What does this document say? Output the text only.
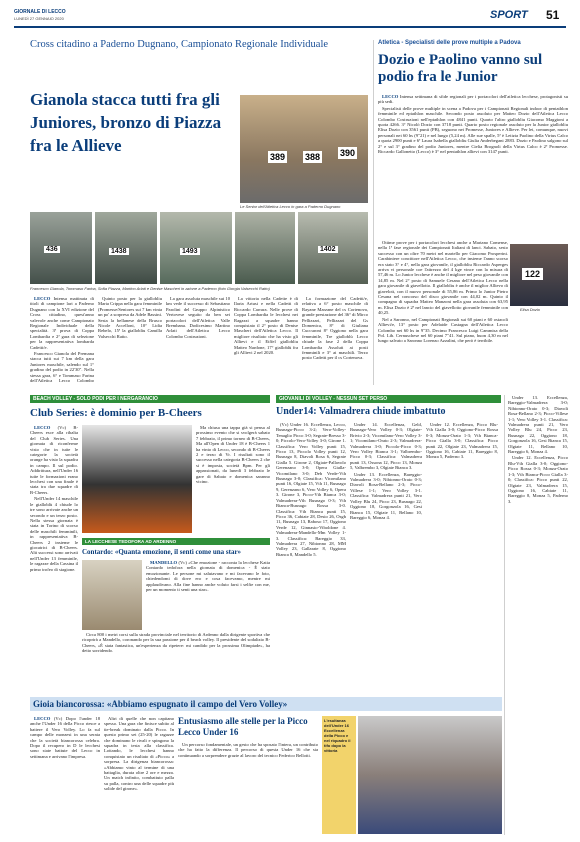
GIORNALE DI LECCO
LUNEDÌ 27 GENNAIO 2020	SPORT 51
Cross citadino a Paderno Dugnano, Campionato Regionale Individuale
Gianola stacca tutti fra gli Juniores, bronzo di Piazza fra le Allieve
389 388 390
Le Senior dell'Atletica Lecco in gara a Paderno Dugnano
436	1438	1493	1402
Francesco Gianola, Tommaso Farina, Sofia Piazza, Martino Arlati e Denise Mascheri in azione a Paderno (foto Giorgia Valsecchi Ratto)

LECCO Intensa mattinata di titoli di campione lari a Paderno Dugnano con la XVI edizione del Cross cittadino, quest'anno valevole anche come Campionato Regionale Individuale della specialità. 3ª prova di Coppa Lombardia e 2ª gara di selezione per la rappresentativa lombarda Cadetti/e.

Francesco Gianola del Premana stacca tutti sui 7 km della gara Juniores maschile, salendo sul 1° gradino del podio in 22'30". Nella stessa gara, 6° e Tommaso Farina dell'Atletica Lecco Colombo

Quinto posto per la giallobliu Marta Crippa nella gara femminile (Promesse/Seniores sui 7 km vinta un po' a sorpresa da Adele Bassini. Sesta la bellanese della Brusco Nicole Accelloni, 10ª Lidia Rebelo, 15ª la giallobliu Camilla Valsecchi Ratto.

La gara assoluta maschile sui 10 km vede il successo di Sebastiano Parolini del Gruppo Alpinistico Vertovese seguito da ben sei portacolori dell'Atletica Valle Brembana. Dodicesimo Martino Arlati dell'Atletica Lecco Colombo Costruzioni.

La vittoria nella Cadette è di Ilaria Artusi e nella Cadetti di Riccardo Carrara. Nelle prove di Coppa Lombardia le lecchesi nei Ragazzi a squadre hanno conquistato il 2° posto di Denise Mascheri dell'Atletica Lecco. Il migliore risultato che ha visto gli Allievi e il Eiffel giallobliu Matteo Nardone, 17° gialloblù fra gli Allievi 2 nel 2020.

La formazione del Cadetti/e, relativa a 6° posto maschile di Rayane Marzane del cs Cortenova, grande prestazione del 36° di Mirco Pellizzari, Pellizzari del Gs Domenica, 8° di Giuliana Cuccuroni 8° Oggiono nella gara femminile, Tre gialloblù Lecco chiude la fase 2 della Coppa Lombardia Assoluti ai posti femminili e 3° ai maschili. Terzo posto Cadetti per il cs Cortenova.

Atletica - Specialisti delle prove multiple a Padova
Dozio e Paolino vanno sul podio fra le Junior

LECCO Intensa settimana di sfide regionali per i portacolori dell'atletica lecchese, protagonisti su più sedi.

Specialisti delle prove multiple in scena a Padova per i Campionati Regionali indoor di pentathlon femminile ed eptathlon maschile. Secondo posto assoluto per Matteo Dozio dell'Atletica Lecco Colombo Costruzioni nell'eptathlon con 4841 punti. Quarto l'altro giallobliu Giacomo Maggioni a quota 4266. 3° Nicolò Dozio con 3718 punti. Quarto posto regionale assoluto per la Junior giallobliu Elisa Dozio con 3561 punti (PB), seguono nei Promesse, Juniores e Allieve. Per lei, comunque, nuovi personali nei 60 hs (9"21) e nel lungo (5,24 m). Alle sue spalle, 5ª è Letizia Paolino della Virtus Calco a quota 2900 punti e 6ª Laura Isabella giallobliu Giulia Anderbegani 2883. Dozio e Paolino salgono sul 2° e sul 3° gradino del podio Juniores, mentre Cielia Brognoli della Virtus Calco è 2ª Promesse. Riccardo Gallonetto (Lecco) è 3° nel pentathlon allievi con 3147 punti.

Ottime prove per i portacolori lecchesi anche a Mariano Comense, nella 1ª fase regionale dei Campionati Italiani di lanci. Sabato, sesto successo con un oltre 70 metri nel martello per Giacomo Prosperini. Carabiniere concittore nell'Atletica Lecco, che insieme l'anno scorso era stato 3° e 4°, nella gara giovanile, il giallobliu Riccardo Asperges arriva vi personale coe l'attrezzo del 4 kge vince con la misura di 57,46 m. Lo Junior lecchese è anche il migliore nel peso giovanile con 14,85 m. Nel 2° posto di Samuele Cesana dell'Atletica Lecco nella gara giovanile di giavellotto. Il giallobliu è anche il miglior Allievo di giavelott, con il nuovo personale di 55,86 m. Primo lo Junior Pietro Cesana nel concorso del disco giovanile con 44,02 m. Quinto il compagno di squadra Matteo Manzoni nella gara assoluta con 63,95 m. Elisa Dozio è 2ª nel lancio del giavellotto giovanile femminile con 40,25.

Nel a Saronno, nel Campionati Regionali sui 60 piani e 60 ostacoli Allievi/e, 13° posto per Adelaide Castagna dell'Atletica Lecco Colombo nei 60 hs in 9"35. Decimo Francesco Luigi Cammisa della Pol. Lib. Cernuschese nel 60 piani 7"41. Sul piano, buon 4,30 m nel lungo salvato a Saronno Lorenzo Azzalini, che però è terribile.

122
Elisa Dozio
BEACH VOLLEY - SOLO PODI PER I NERGARANCIO	GIOVANILI DI VOLLEY - NESSUN SET PERSO
Club Series: è dominio per B-Cheers

LECCO (Vc) B-Cheers esce alla ribalta del Club Series. Una giornata di riconferme visto che in tutte le categorie la società orange ha visto la squadra in campo. Il sul podio. Addirittura, nell'Under 16 tutte le formazioni erano lecchesi con una finale è stata tra due squadre di B-Cheers.

Nell'Under 14 maschile le gialloblù 4 chiude lo tre sono arrivate anche un secondo e un terzo posto. Nella stessa giornata è stata in Torino di scorso delle maschili femminili, in rappresentativa B-Cheers 2 insieme le giocatrici di B-Cheers. Alti successi sono arrivati nell'Under 13 femminile, le ragazze della Cassina il primo trofeo di stagione.

Ma chiusa una tappa già si pensa al prossimo evento che si svolgerà sabato 7 febbraio, il primo torneo di B-Cheers, Ma all'Open di Under 18 è B-Cheers 1 ha vinto di Lecco, secondo di B-Cheers 2 e terzo di Vr. I risultati sono il successo nella categoria B-Cheers 2 che si è imposta, società Bpm. Per gli appassionati, da lunedì 3 febbraio le gare di Sabato e domenica saranno vicino.

LA LECCHESE TEDOFORA AD ARDENNO
Contardo: «Quanta emozione, il sentì come una star»

MANDELLO (Vc) «Che emozione - racconta la lecchese Katia Contardo tedofora nella giornata di domenica - È stato emozionante. Le persone mi salutavano e mi facevano le foto, chiedendomi di dove ero e cosa facevamo, mentre mi applaudivano. Alla fine hanno anche voluto farsi i selfie con me, per un momento ti senti una star».

Circa 800 i metri corsi sulla strada provinciale nel territorio di Ardenno dalla dirigente sportiva che ricoprirà a Mandello, coronando per la sua passione per il beach volley. Il presidente del sodalizio B-Cheers, «È stata fantastica, un'esperienza da ripetere: mi candido per la prossima Olimpiade», ha detto sorridendo.

Under14: Valmadrera chiude imbattuto

(Vc) Under 16. Eccellenza, Lecco, Busnago-Picco 3-2; Vero-Volley-Tenaglio Picco 3-0; Segrate-Bresso 3-0; Piccolo-Vero-Volley 3-0; Girone 1. Classifica: Vero Volley punti 15, Picco 13, Piccolo Volley punti 12, Busnago 8, Diavoli Rosa 6, Segrate Gialla 5. Girone 2, Olgiate-Pallavolo Gerenzano 3-0; Opera Gialla-Vicomilano 3-0; Deb Verde-Vth Busnago 3-0; Classifica: Vicomilano punti 16, Olgiate 15, Vth 11, Busnago 9, Gerenzano 6, Vero Volley 6, Opera 3. Girone 3, Picco-Vth Bianca 3-0; Valmadrera-Vth Busnago 0-3; Vth Bianca-Busnago Rossa 3-0. Classifica: Vth Bianca punti 15, Picco 36, Cabiate 28, Desio 26, Osgb 11, Busnago 13, Raboso 17, Oggiono Verde 12, Ginnasio-Viboldone 4. Valmadrera-Mandello-Mm Volley 1-3. Classifica: Bareggio 33, Valmadrera 27, Nibionno 28, MM Volley 23, Gallarate 8, Oggiono Bianca 8, Mandello 5.

Under 14. Eccellenza, Geld, Busnago-Vero Volley 0-3; Olgiate-Brivio 2-3; Vicomilano-Vero Volley 3-1; Vicomilano-Orato 2-3; Valmadrera-Valmadrera 3-0; Piccolo-Picco 0-3; Vero Volley Bianca 3-1; Valbrembo-Picco 0-3; Classifica: Valmadrera punti 13, Ossona 12, Picco 13, Monza 5, Valbrembo 3, Olgiate Bianca 3.

Under 13. Eccellenza, Bareggio-Valmadrera 3-0; Nibionno-Orato 0-3; Diavoli Rosa-Bellano 2-3; Picco-Villese 1-1; Vero Volley 3-1. Classifica: Valmadrera punti 21, Vero Volley Blu 24, Picco 23, Busnago 22, Oggiono 18, Gorgonzola 16, Gesi Bianca 15, Olgiate 11, Bellano 10, Bareggio 6, Monza 4.

Under 12. Eccellenza, Picco Blu-Vth Gialla 3-0; Oggiono-Picco Rossa 0-3; Monza-Orato 1-3; Vth Bianca-Picco Gialla 3-0; Classifica: Picco punti 22, Olgiate 23, Valmadrera 15, Oggiono 16, Cabiate 11, Bareggio 8, Monza 5, Paderno 3.

Under 13. Eccellenza, Bareggio-Valmadrera 3-0; Nibionno-Orato 0-3; Diavoli Rosa-Bellano 2-3; Picco-Villese 1-1; Vero Volley 3-1. Classifica: Valmadrera punti 21, Vero Volley Blu 24, Picco 23, Busnago 22, Oggiono 18, Gorgonzola 16, Gesi Bianca 15, Olgiate 11, Bellano 10, Bareggio 6, Monza 4.

Under 12. Eccellenza, Picco Blu-Vth Gialla 3-0; Oggiono-Picco Rossa 0-3; Monza-Orato 1-3; Vth Bianca-Picco Gialla 3-0; Classifica: Picco punti 22, Olgiate 23, Valmadrera 15, Oggiono 16, Cabiate 11, Bareggio 8, Monza 5, Paderno 3.

Gioia biancorossa: «Abbiamo espugnato il campo del Vero Volley»

LECCO (Vc) Dopo l'under 18 anche l'Under 16 della Picco riesce a battere il Vero Volley. Lo fa sul campo delle monzesi in una serata che la società biancorossa celebra. Dopo il recupero in D le lecchesi sono state battute del Lecco in settimana e arrivano l'impresa.

Altri di quelle che non capitano spesso. Una gara che finisce subito al tie-break dominato dalla Picco. In questo primo set (25-20) le ragazze che dominano le rivali e spingono la squadra in testa alla classifica. Lottando, le lecchesi hanno conquistato un risultato di «Picco» a sorpresa. La dirigenza biancorossa: «Abbiamo vinto al termine di una battaglia, durata oltre 2 ore e mezza. Un match infinito, combattuto palla su palla, contro una delle squadre più solide del girone».

Entusiasmo alle stelle per la Picco Lecco Under 16

Un percorso fondamentale, un gesto che ha sposato l'intera, un contributo che ha fatto la differenza. Il percorso di questa Under 16 che sta continuando a sorprendere grazie al lavoro del tecnico Federico Bellotti.

L'esultanza dell'Under 16 Eccellenza della Picco e nel riquadro il tifo dopo la vittoria
